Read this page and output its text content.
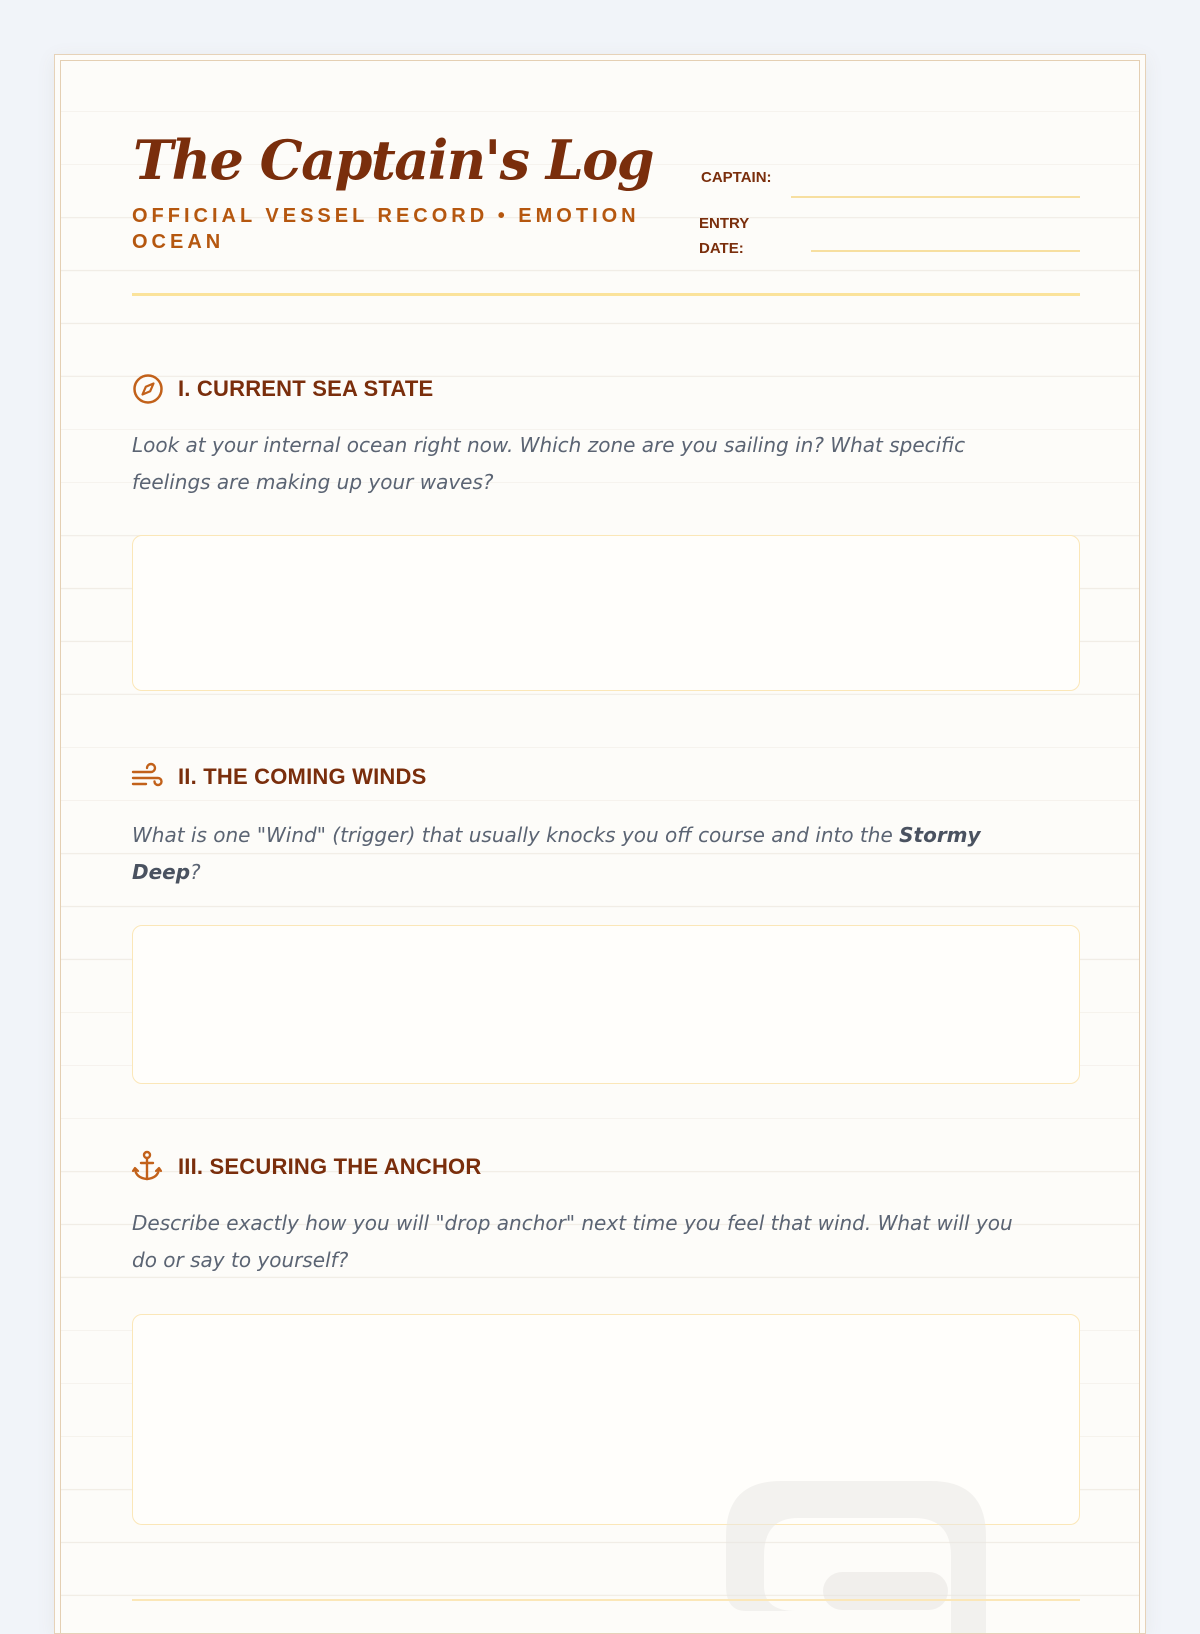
The Captain's Log
OFFICIAL VESSEL RECORD • EMOTION OCEAN
CAPTAIN:
ENTRY
DATE:
I. CURRENT SEA STATE
Look at your internal ocean right now. Which zone are you sailing in? What specific feelings are making up your waves?
II. THE COMING WINDS
What is one "Wind" (trigger) that usually knocks you off course and into the Stormy Deep?
III. SECURING THE ANCHOR
Describe exactly how you will "drop anchor" next time you feel that wind. What will you do or say to yourself?
